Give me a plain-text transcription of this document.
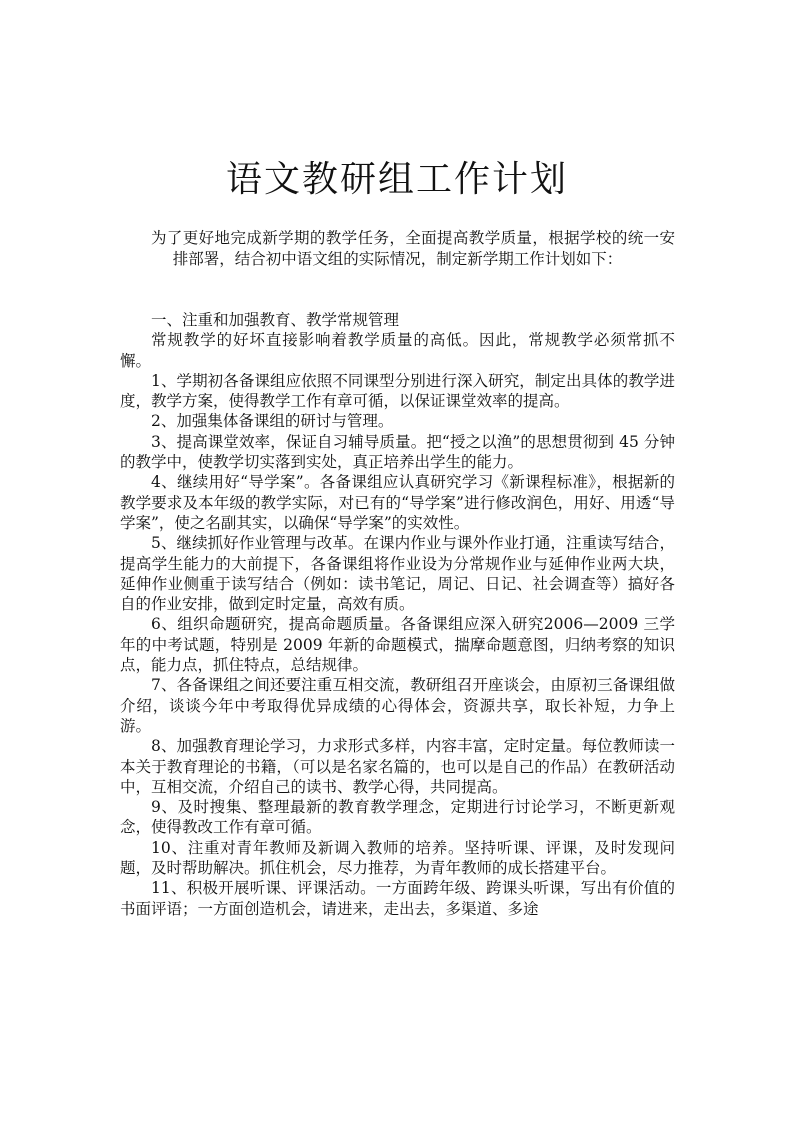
语文教研组工作计划

为了更好地完成新学期的教学任务，全面提高教学质量，根据学校的统一安排部署，结合初中语文组的实际情况，制定新学期工作计划如下：

一、注重和加强教育、教学常规管理

常规教学的好坏直接影响着教学质量的高低。因此，常规教学必须常抓不懈。

1、学期初各备课组应依照不同课型分别进行深入研究，制定出具体的教学进度，教学方案，使得教学工作有章可循，以保证课堂效率的提高。

2、加强集体备课组的研讨与管理。

3、提高课堂效率，保证自习辅导质量。把“授之以渔”的思想贯彻到 45 分钟的教学中，使教学切实落到实处，真正培养出学生的能力。

4、继续用好“导学案”。各备课组应认真研究学习《新课程标准》，根据新的教学要求及本年级的教学实际，对已有的“导学案”进行修改润色，用好、用透“导学案”，使之名副其实，以确保“导学案”的实效性。

5、继续抓好作业管理与改革。在课内作业与课外作业打通，注重读写结合，提高学生能力的大前提下，各备课组将作业设为分常规作业与延伸作业两大块，延伸作业侧重于读写结合（例如：读书笔记，周记、日记、社会调查等）搞好各自的作业安排，做到定时定量，高效有质。

6、组织命题研究，提高命题质量。各备课组应深入研究2006—2009 三学年的中考试题，特别是 2009 年新的命题模式，揣摩命题意图，归纳考察的知识点，能力点，抓住特点，总结规律。

7、各备课组之间还要注重互相交流，教研组召开座谈会，由原初三备课组做介绍，谈谈今年中考取得优异成绩的心得体会，资源共享，取长补短，力争上游。

8、加强教育理论学习，力求形式多样，内容丰富，定时定量。每位教师读一本关于教育理论的书籍，（可以是名家名篇的，也可以是自己的作品）在教研活动中，互相交流，介绍自己的读书、教学心得，共同提高。

9、及时搜集、整理最新的教育教学理念，定期进行讨论学习，不断更新观念，使得教改工作有章可循。

10、注重对青年教师及新调入教师的培养。坚持听课、评课，及时发现问题，及时帮助解决。抓住机会，尽力推荐，为青年教师的成长搭建平台。

11、积极开展听课、评课活动。一方面跨年级、跨课头听课，写出有价值的书面评语；一方面创造机会，请进来，走出去，多渠道、多途
